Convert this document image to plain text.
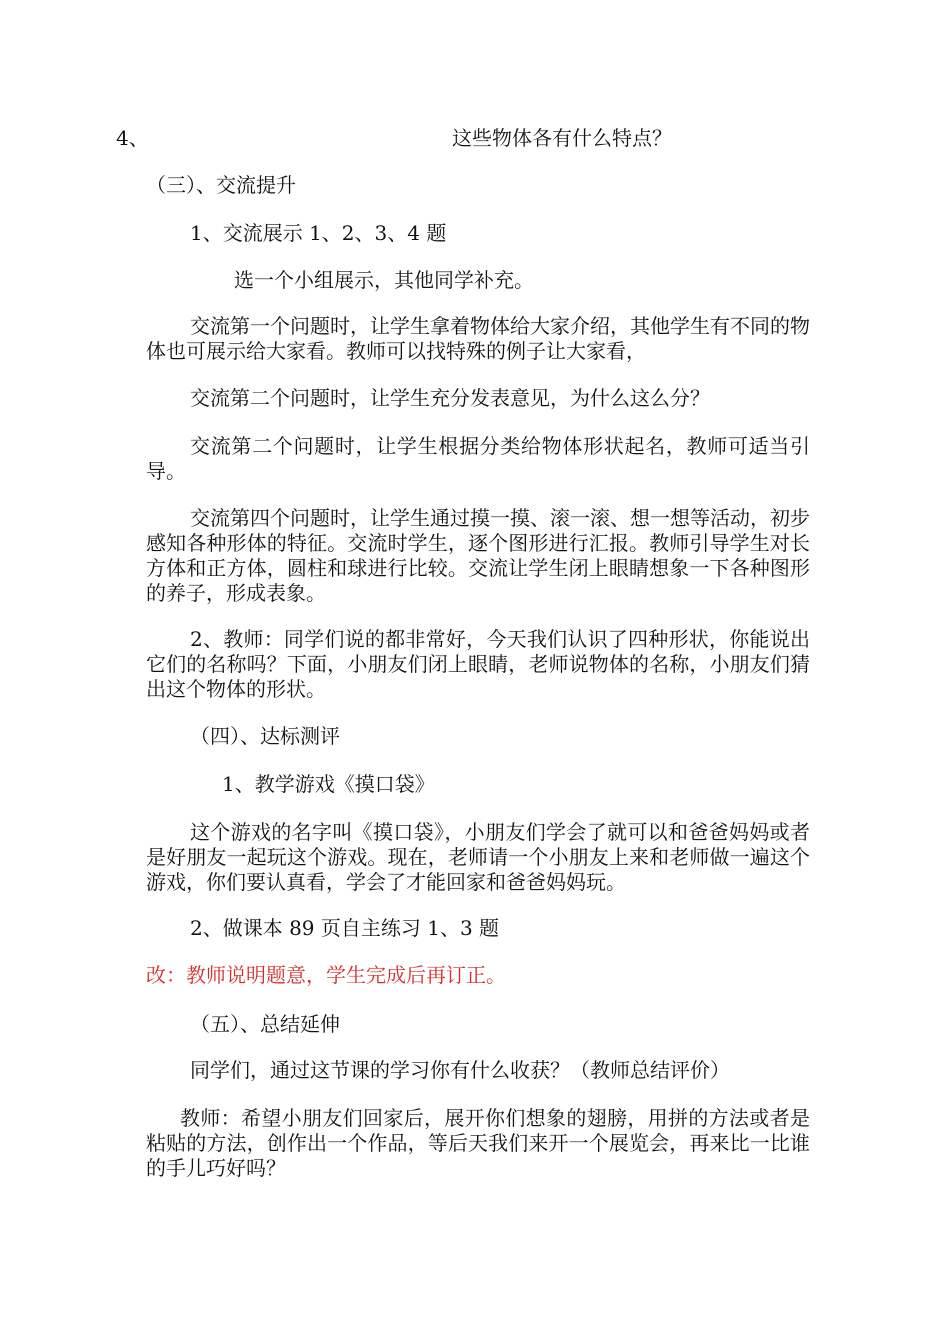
4、	这些物体各有什么特点？
（三）、交流提升
1、交流展示 1、2、3、4 题
选一个小组展示，其他同学补充。
交流第一个问题时，让学生拿着物体给大家介绍，其他学生有不同的物体也可展示给大家看。教师可以找特殊的例子让大家看，
交流第二个问题时，让学生充分发表意见，为什么这么分？
交流第二个问题时，让学生根据分类给物体形状起名，教师可适当引导。
交流第四个问题时，让学生通过摸一摸、滚一滚、想一想等活动，初步感知各种形体的特征。交流时学生，逐个图形进行汇报。教师引导学生对长方体和正方体，圆柱和球进行比较。交流让学生闭上眼睛想象一下各种图形的养子，形成表象。
2、教师：同学们说的都非常好，今天我们认识了四种形状，你能说出它们的名称吗？下面，小朋友们闭上眼睛，老师说物体的名称，小朋友们猜出这个物体的形状。
（四）、达标测评
1、教学游戏《摸口袋》
这个游戏的名字叫《摸口袋》，小朋友们学会了就可以和爸爸妈妈或者是好朋友一起玩这个游戏。现在，老师请一个小朋友上来和老师做一遍这个游戏，你们要认真看，学会了才能回家和爸爸妈妈玩。
2、做课本 89 页自主练习 1、3 题
改：教师说明题意，学生完成后再订正。
（五）、总结延伸
同学们，通过这节课的学习你有什么收获？（教师总结评价）
教师：希望小朋友们回家后，展开你们想象的翅膀，用拼的方法或者是粘贴的方法，创作出一个作品，等后天我们来开一个展览会，再来比一比谁的手儿巧好吗？
